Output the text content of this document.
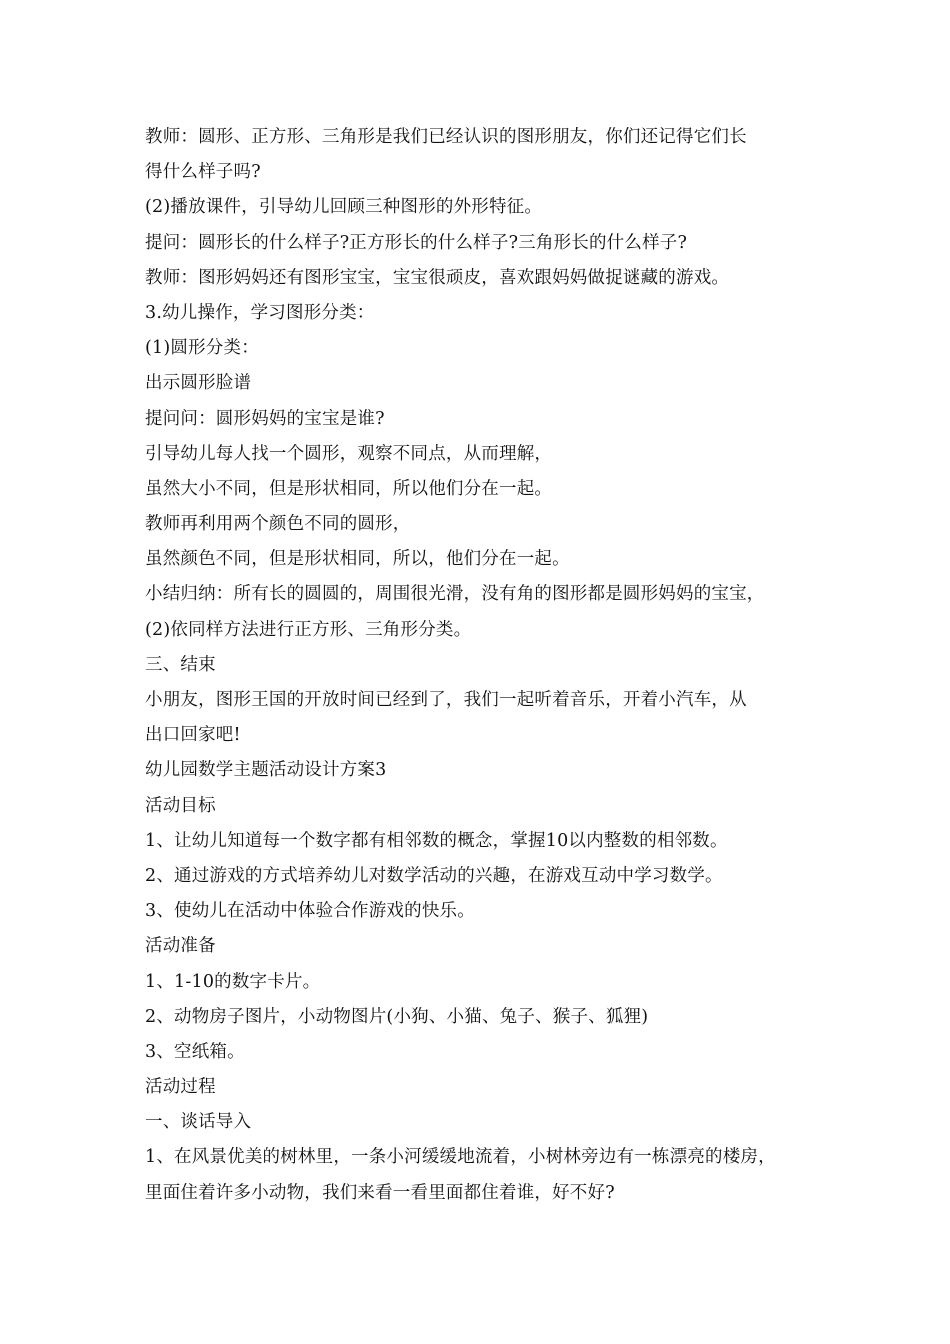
教师：圆形、正方形、三角形是我们已经认识的图形朋友，你们还记得它们长
得什么样子吗?
(2)播放课件，引导幼儿回顾三种图形的外形特征。
提问：圆形长的什么样子?正方形长的什么样子?三角形长的什么样子?
教师：图形妈妈还有图形宝宝，宝宝很顽皮，喜欢跟妈妈做捉谜藏的游戏。
3.幼儿操作，学习图形分类：
(1)圆形分类：
出示圆形脸谱
提问问：圆形妈妈的宝宝是谁?
引导幼儿每人找一个圆形，观察不同点，从而理解，
虽然大小不同，但是形状相同，所以他们分在一起。
教师再利用两个颜色不同的圆形，
虽然颜色不同，但是形状相同，所以，他们分在一起。
小结归纳：所有长的圆圆的，周围很光滑，没有角的图形都是圆形妈妈的宝宝，
(2)依同样方法进行正方形、三角形分类。
三、结束
小朋友，图形王国的开放时间已经到了，我们一起听着音乐，开着小汽车，从
出口回家吧!
幼儿园数学主题活动设计方案3
活动目标
1、让幼儿知道每一个数字都有相邻数的概念，掌握10以内整数的相邻数。
2、通过游戏的方式培养幼儿对数学活动的兴趣，在游戏互动中学习数学。
3、使幼儿在活动中体验合作游戏的快乐。
活动准备
1、1-10的数字卡片。
2、动物房子图片，小动物图片(小狗、小猫、兔子、猴子、狐狸)
3、空纸箱。
活动过程
一、谈话导入
1、在风景优美的树林里，一条小河缓缓地流着，小树林旁边有一栋漂亮的楼房，
里面住着许多小动物，我们来看一看里面都住着谁，好不好?
